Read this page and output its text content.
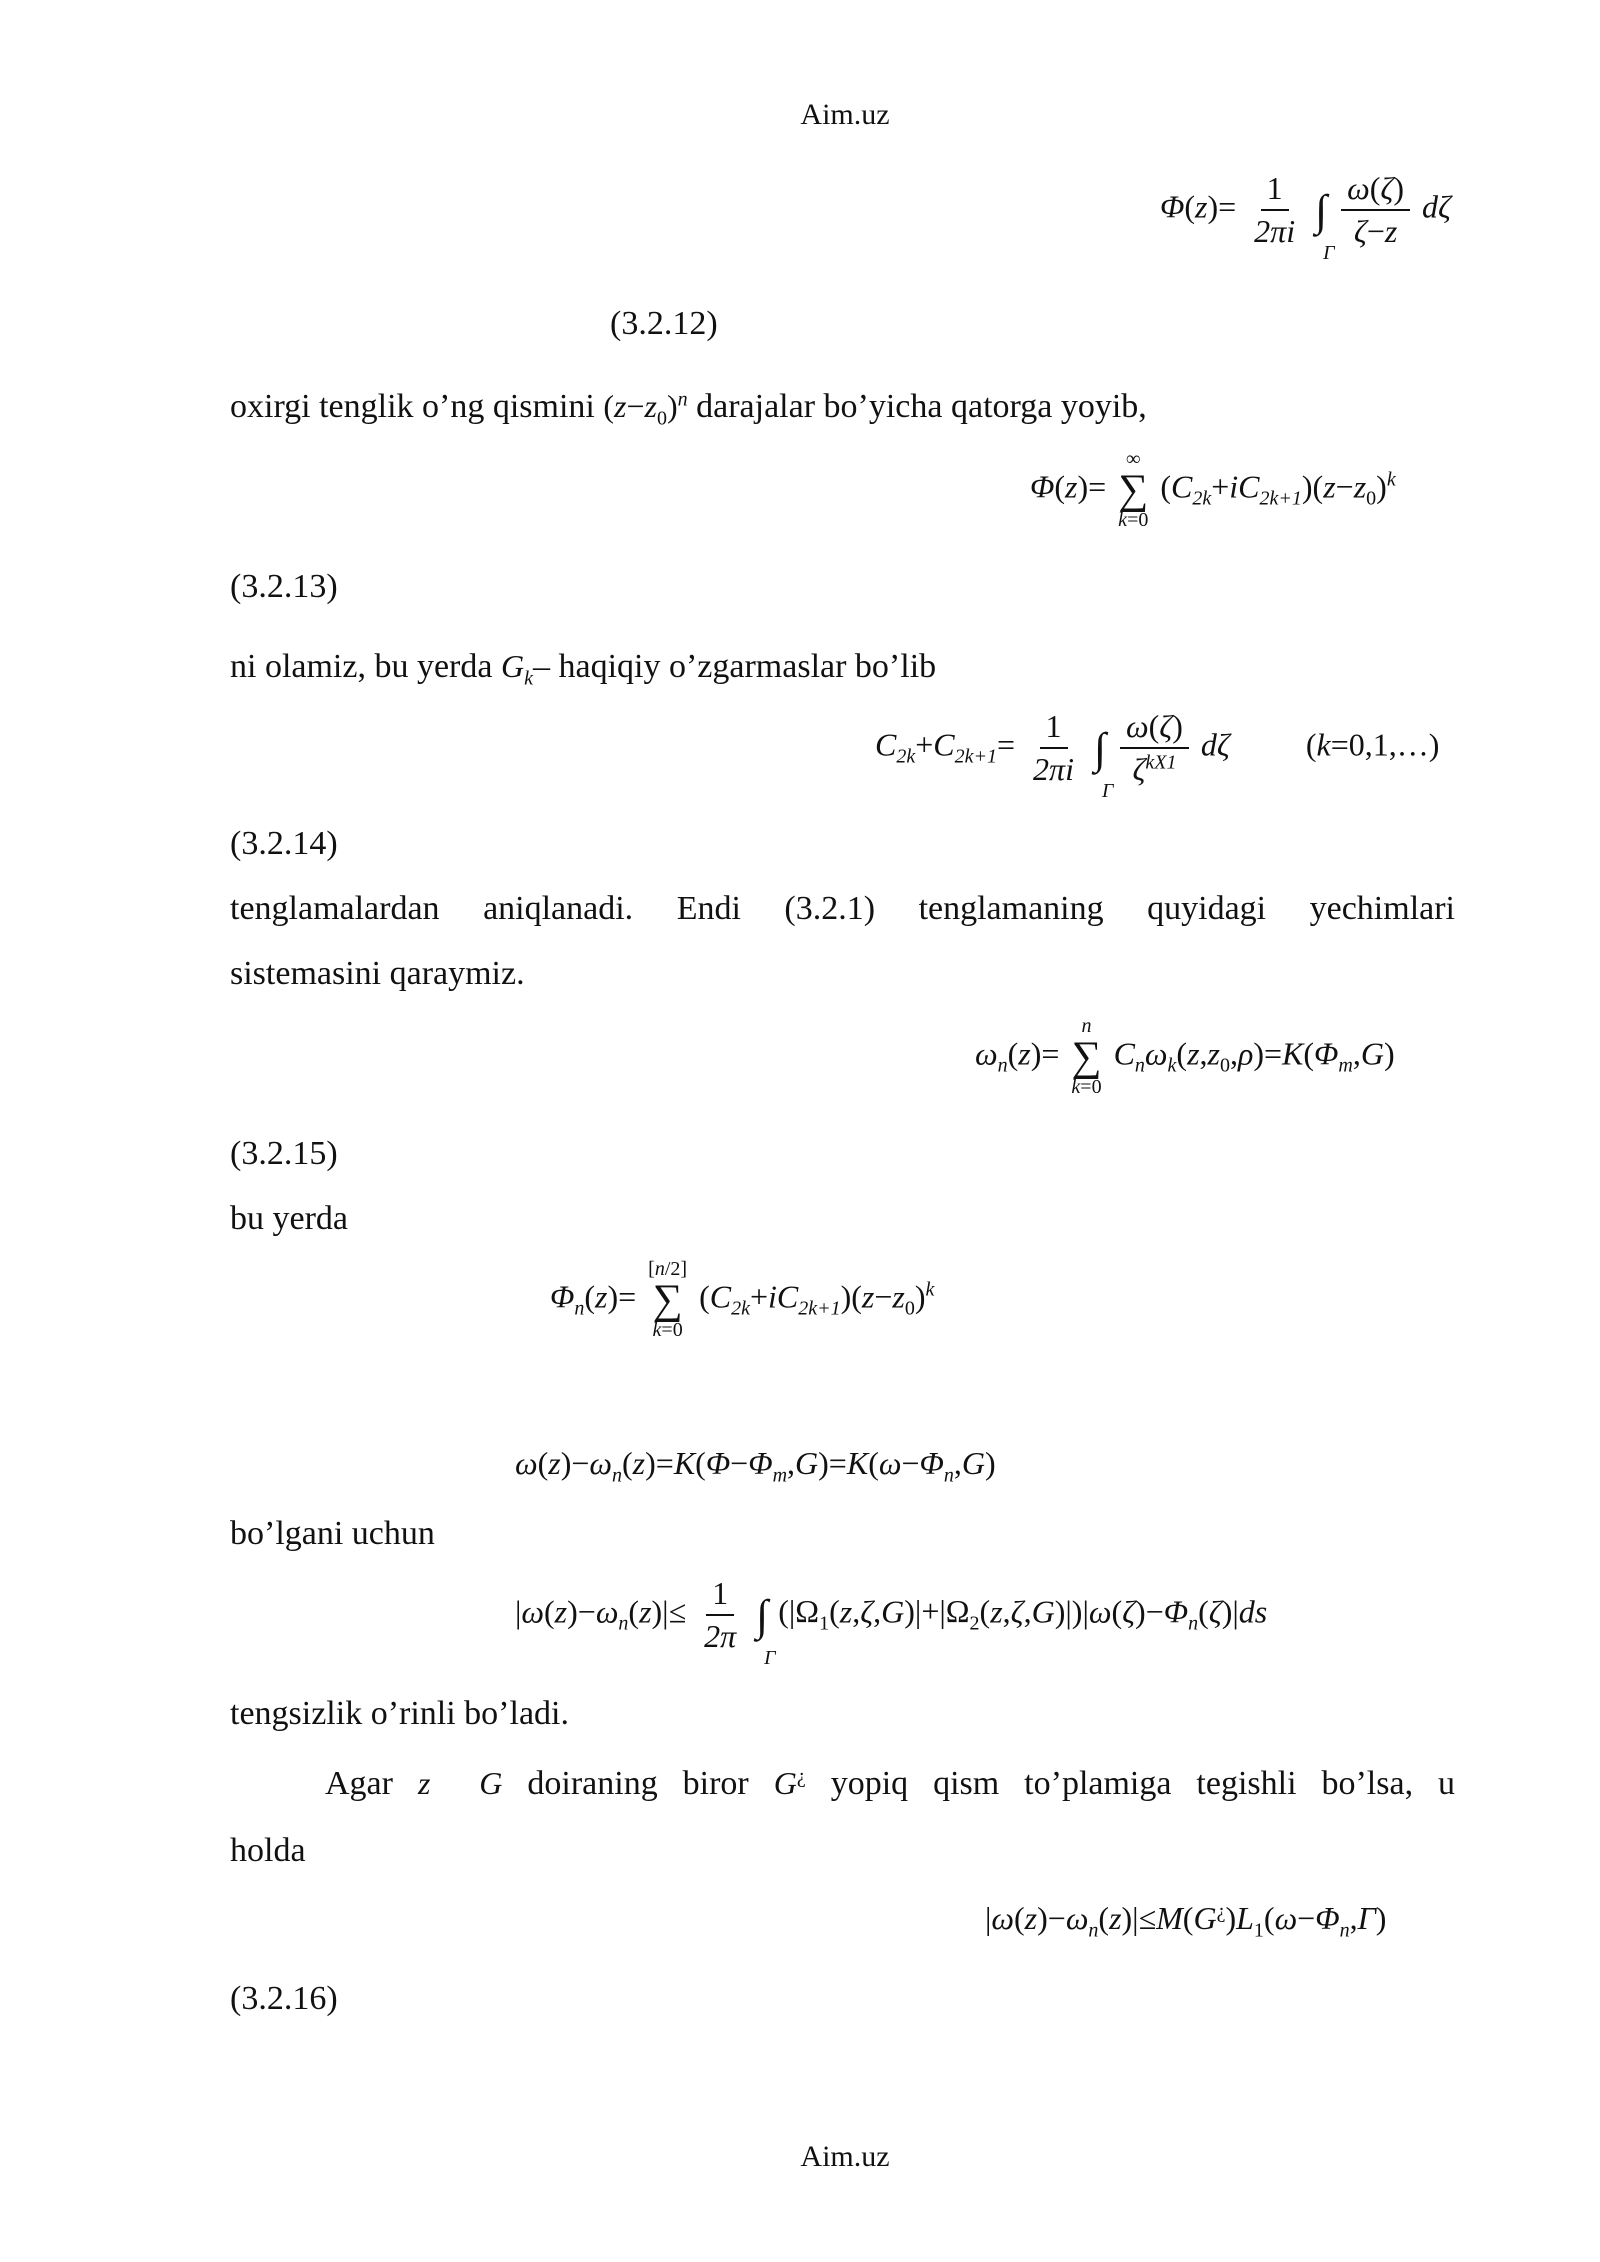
Aim.uz
Aim.uz
$\Phi(z)= \frac{1}{2\pi i}$ ∫
Γ

$\frac{\omega(\zeta)}{\zeta-z}$ dζ
(3.2.12)
oxirgi tenglik o’ng qismini $(z-z_0)^n$ darajalar bo’yicha qatorga yoyib,
Φ(z)=
∞
∑
k=0
$(C_{2k}+iC_{2k+1})(z-z_0)^k$
(3.2.13)
ni olamiz, bu yerda $G_k-$ haqiqiy o’zgarmaslar bo’lib
$C_{2k}+C_{2k+1}= \frac{1}{2\pi i}$ ∫
Γ

$\frac{\omega(\zeta)}{\zeta^{kX1}}$ dζ (k=0,1,…)
(3.2.14)
tenglamalardan aniqlanadi. Endi (3.2.1) tenglamaning quyidagi yechimlari
sistemasini qaraymiz.
$\omega_n(z)=$
n
∑
k=0
$C_n\omega_k(z,z_0,\rho)=K(\Phi_m,G)$
(3.2.15)
bu yerda
$\Phi_n(z)=$
[n/2]
∑
k=0
$(C_{2k}+iC_{2k+1})(z-z_0)^k$
$\omega(z)-\omega_n(z)=K(\Phi-\Phi_m,G)=K(\omega-\Phi_n,G)$
bo’lgani uchun
$|\omega(z)-\omega_n(z)|\le \frac{1}{2\pi}$ ∫
Γ
$(|\Omega_1(z,\zeta,G)|+|\Omega_2(z,\zeta,G)|)|\omega(\zeta)-\Phi_n(\zeta)|ds$
tengsizlik o’rinli bo’ladi.
Agar z  G doiraning biror G¿ yopiq qism to’plamiga tegishli bo’lsa, u
holda
$|\omega(z)-\omega_n(z)|\le M(G^¿)L_1(\omega-\Phi_n,\Gamma)$
(3.2.16)
